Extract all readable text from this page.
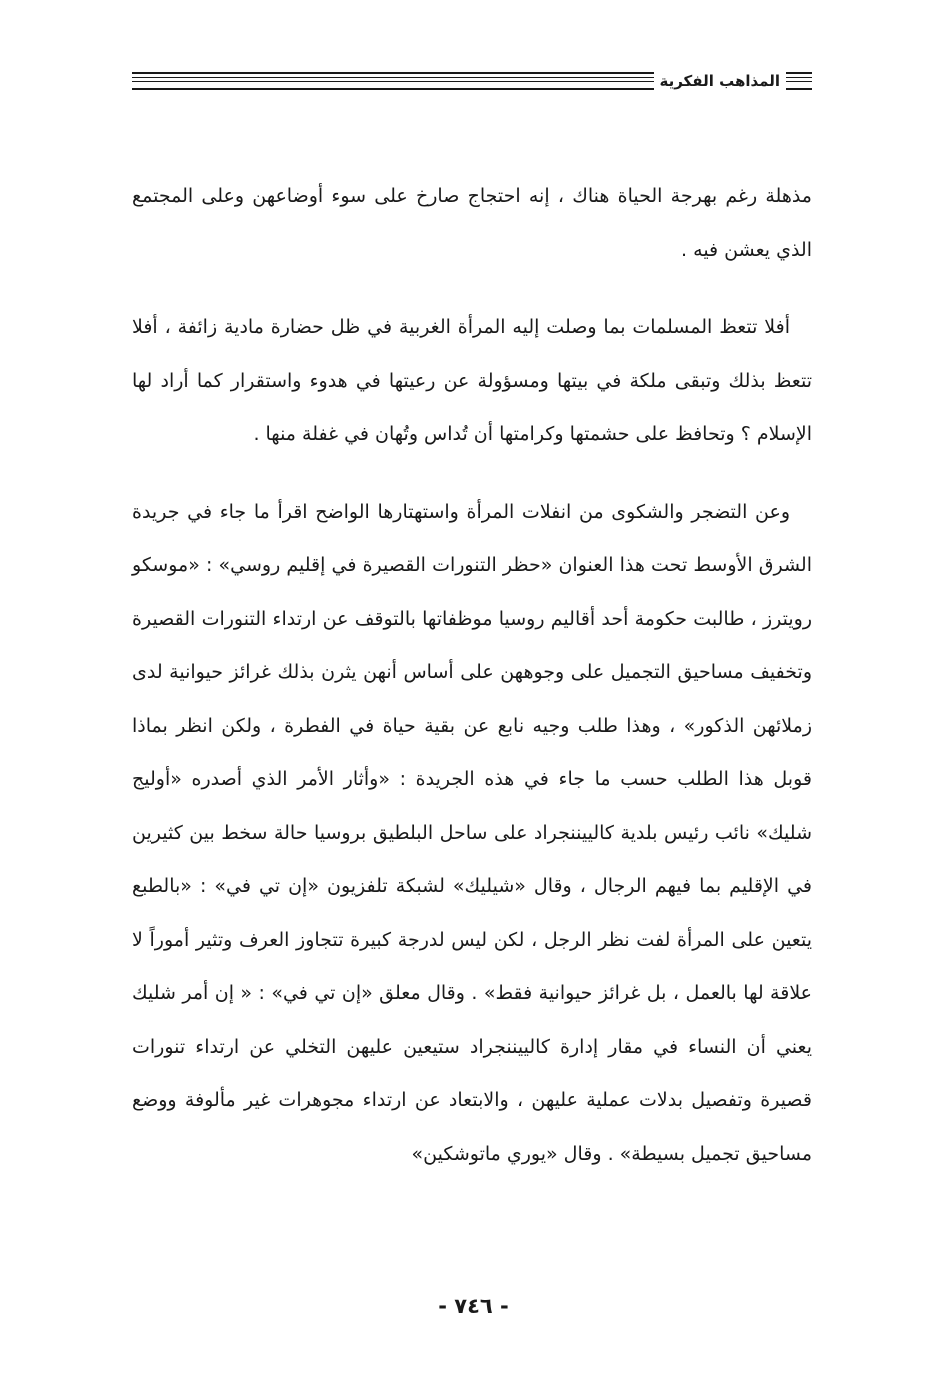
المذاهب الفكرية

مذهلة رغم بهرجة الحياة هناك ، إنه احتجاج صارخ على سوء أوضاعهن وعلى المجتمع الذي يعشن فيه .

أفلا تتعظ المسلمات بما وصلت إليه المرأة الغربية في ظل حضارة مادية زائفة ، أفلا تتعظ بذلك وتبقى ملكة في بيتها ومسؤولة عن رعيتها في هدوء واستقرار كما أراد لها الإسلام ؟ وتحافظ على حشمتها وكرامتها أن تُداس وتُهان في غفلة منها .

وعن التضجر والشكوى من انفلات المرأة واستهتارها الواضح اقرأ ما جاء في جريدة الشرق الأوسط تحت هذا العنوان «حظر التنورات القصيرة في إقليم روسي» : «موسكو رويترز ، طالبت حكومة أحد أقاليم روسيا موظفاتها بالتوقف عن ارتداء التنورات القصيرة وتخفيف مساحيق التجميل على وجوههن على أساس أنهن يثرن بذلك غرائز حيوانية لدى زملائهن الذكور» ، وهذا طلب وجيه نابع عن بقية حياة في الفطرة ، ولكن انظر بماذا قوبل هذا الطلب حسب ما جاء في هذه الجريدة : «وأثار الأمر الذي أصدره «أوليج شليك» نائب رئيس بلدية كالييننجراد على ساحل البلطيق بروسيا حالة سخط بين كثيرين في الإقليم بما فيهم الرجال ، وقال «شيليك» لشبكة تلفزيون «إن تي في» : «بالطبع يتعين على المرأة لفت نظر الرجل ، لكن ليس لدرجة كبيرة تتجاوز العرف وتثير أموراً لا علاقة لها بالعمل ، بل غرائز حيوانية فقط» . وقال معلق «إن تي في» : « إن أمر شليك يعني أن النساء في مقار إدارة كالييننجراد ستيعين عليهن التخلي عن ارتداء تنورات قصيرة وتفصيل بدلات عملية عليهن ، والابتعاد عن ارتداء مجوهرات غير مألوفة ووضع مساحيق تجميل بسيطة» . وقال «يوري ماتوشكين»

- ٧٤٦ -
